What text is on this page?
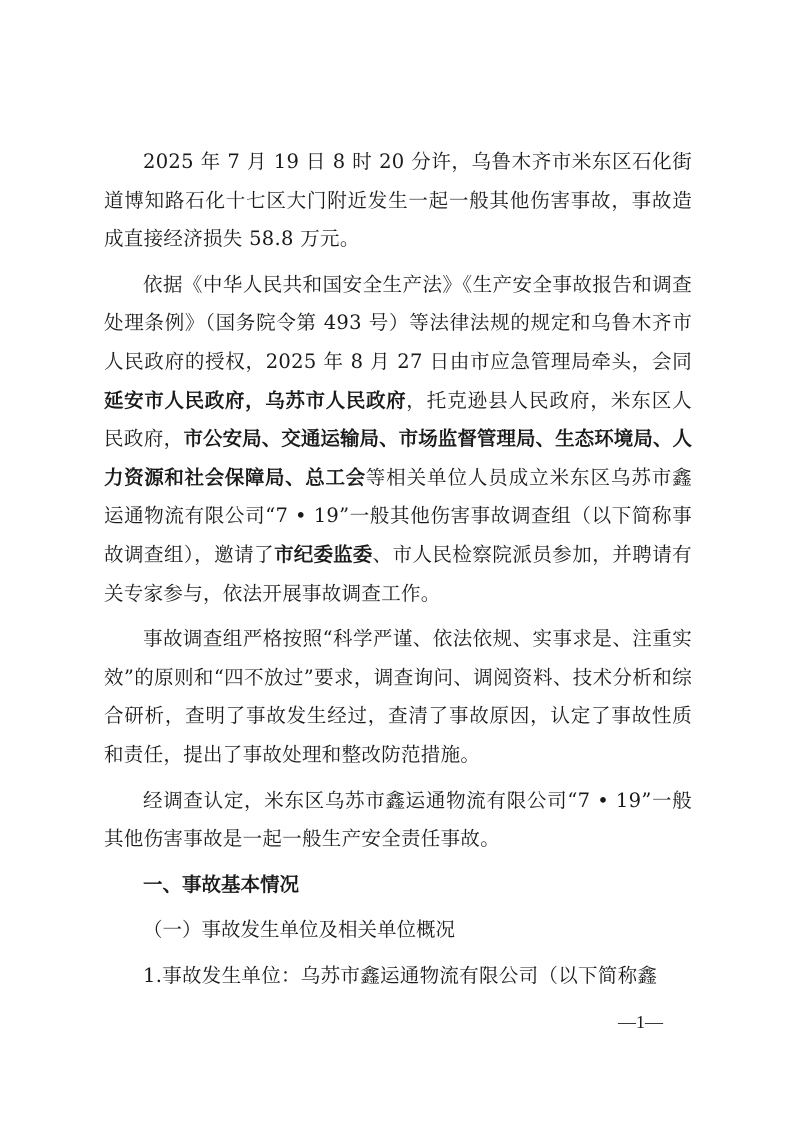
2025 年 7 月 19 日 8 时 20 分许，乌鲁木齐市米东区石化街道博知路石化十七区大门附近发生一起一般其他伤害事故，事故造成直接经济损失 58.8 万元。

依据《中华人民共和国安全生产法》《生产安全事故报告和调查处理条例》（国务院令第 493 号）等法律法规的规定和乌鲁木齐市人民政府的授权，2025 年 8 月 27 日由市应急管理局牵头，会同延安市人民政府，乌苏市人民政府，托克逊县人民政府，米东区人民政府，市公安局、交通运输局、市场监督管理局、生态环境局、人力资源和社会保障局、总工会等相关单位人员成立米东区乌苏市鑫运通物流有限公司“7 • 19”一般其他伤害事故调查组（以下简称事故调查组），邀请了市纪委监委、市人民检察院派员参加，并聘请有关专家参与，依法开展事故调查工作。

事故调查组严格按照“科学严谨、依法依规、实事求是、注重实效”的原则和“四不放过”要求，调查询问、调阅资料、技术分析和综合研析，查明了事故发生经过，查清了事故原因，认定了事故性质和责任，提出了事故处理和整改防范措施。

经调查认定，米东区乌苏市鑫运通物流有限公司“7 • 19”一般其他伤害事故是一起一般生产安全责任事故。

一、事故基本情况

（一）事故发生单位及相关单位概况

1.事故发生单位：乌苏市鑫运通物流有限公司（以下简称鑫

—1—
